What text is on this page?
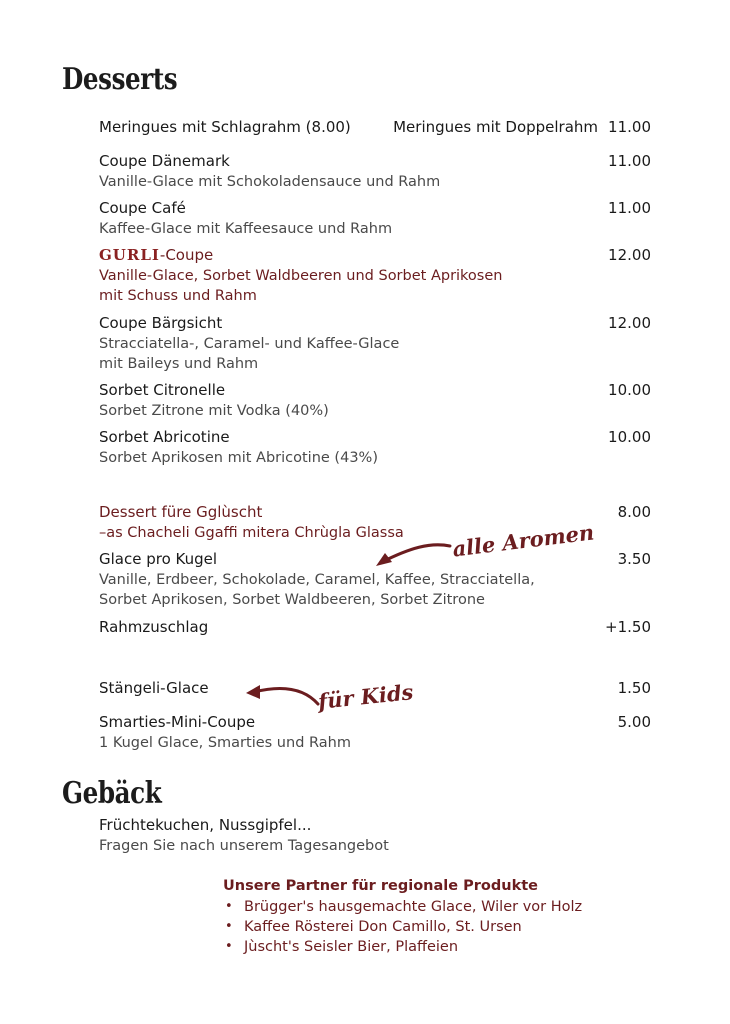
Desserts
Meringues mit Schlagrahm (8.00)	Meringues mit Doppelrahm 11.00
Coupe Dänemark	11.00
Vanille-Glace mit Schokoladensauce und Rahm
Coupe Café	11.00
Kaffee-Glace mit Kaffeesauce und Rahm
GURLI-Coupe	12.00
Vanille-Glace, Sorbet Waldbeeren und Sorbet Aprikosen
mit Schuss und Rahm
Coupe Bärgsicht	12.00
Stracciatella-, Caramel- und Kaffee-Glace
mit Baileys und Rahm
Sorbet Citronelle	10.00
Sorbet Zitrone mit Vodka (40%)
Sorbet Abricotine	10.00
Sorbet Aprikosen mit Abricotine (43%)
Dessert füre Gglùscht	8.00
–as Chacheli Ggaffi mitera Chrùgla Glassa
Glace pro Kugel	3.50
Vanille, Erdbeer, Schokolade, Caramel, Kaffee, Stracciatella,
Sorbet Aprikosen, Sorbet Waldbeeren, Sorbet Zitrone
Rahmzuschlag	+1.50
Stängeli-Glace	1.50
Smarties-Mini-Coupe	5.00
1 Kugel Glace, Smarties und Rahm
alle Aromen
für Kids
Gebäck
Früchtekuchen, Nussgipfel...
Fragen Sie nach unserem Tagesangebot
Unsere Partner für regionale Produkte
• Brügger's hausgemachte Glace, Wiler vor Holz
• Kaffee Rösterei Don Camillo, St. Ursen
• Jùscht's Seisler Bier, Plaffeien
